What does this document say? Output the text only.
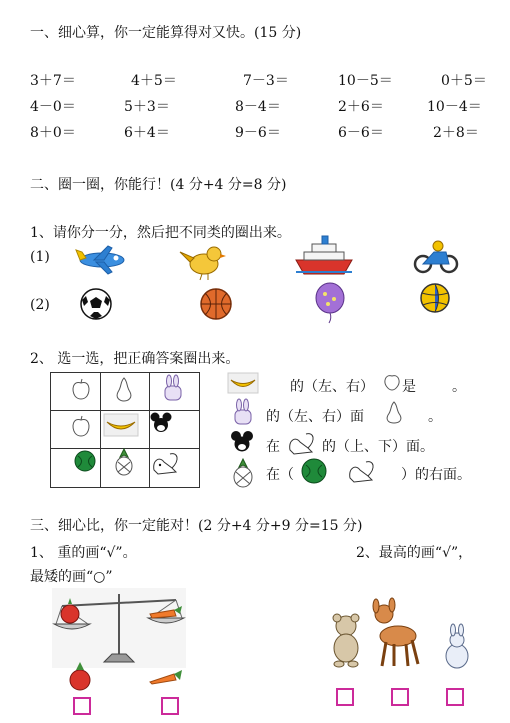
一、细心算，你一定能算得对又快。(15 分)
3＋7＝	4＋5＝	7－3＝	10－5＝	0＋5＝
4－0＝	5＋3＝	8－4＝	2＋6＝	10－4＝
8＋0＝	6＋4＝	9－6＝	6－6＝	2＋8＝
二、圈一圈，你能行！(4 分+4 分=8 分)
1、请你分一分，然后把不同类的圈出来。
(1)
(2)
2、 选一选，把正确答案圈出来。
的（左、右） 是	。
的（左、右）面	。
在	的（上、下）面。
在（	）的右面。
三、细心比，你一定能对！(2 分+4 分+9 分=15 分)
1、 重的画“√”。	2、最高的画“√”，
最矮的画“○”
